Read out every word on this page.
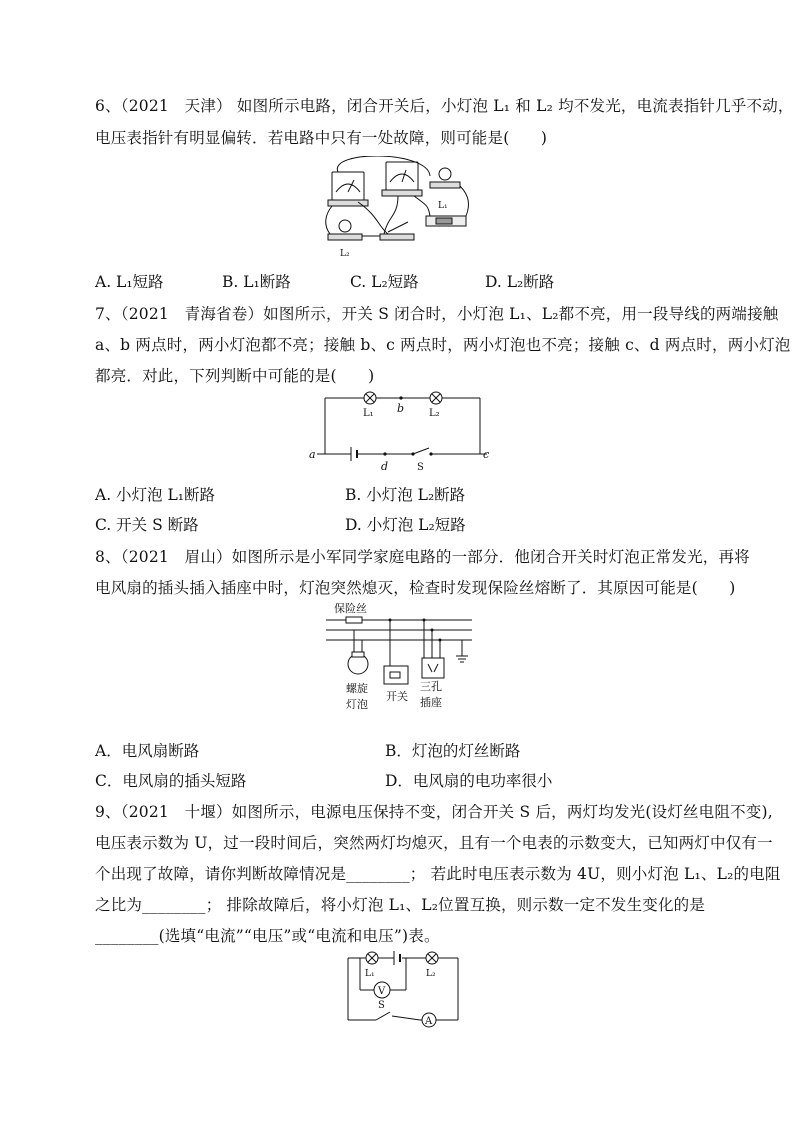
6、（2021　天津） 如图所示电路，闭合开关后，小灯泡 L₁ 和 L₂ 均不发光，电流表指针几乎不动，
电压表指针有明显偏转．若电路中只有一处故障，则可能是(　　)
L₁
L₂
A. L₁短路	B. L₁断路	C. L₂短路	D. L₂断路
7、（2021　青海省卷）如图所示，开关 S 闭合时，小灯泡 L₁、L₂都不亮，用一段导线的两端接触
a、b 两点时，两小灯泡都不亮；接触 b、c 两点时，两小灯泡也不亮；接触 c、d 两点时，两小灯泡
都亮．对此，下列判断中可能的是(　　)
L₁ b L₂
a
d	S
c
A. 小灯泡 L₁断路	B. 小灯泡 L₂断路
C. 开关 S 断路	D. 小灯泡 L₂短路
8、（2021　眉山）如图所示是小军同学家庭电路的一部分．他闭合开关时灯泡正常发光，再将
电风扇的插头插入插座中时，灯泡突然熄灭，检查时发现保险丝熔断了．其原因可能是(　　)
保险丝
螺旋
灯泡
开关
三孔
插座
A．电风扇断路	B．灯泡的灯丝断路
C．电风扇的插头短路	D．电风扇的电功率很小
9、（2021　十堰）如图所示，电源电压保持不变，闭合开关 S 后，两灯均发光(设灯丝电阻不变),
电压表示数为 U，过一段时间后，突然两灯均熄灭，且有一个电表的示数变大，已知两灯中仅有一
个出现了故障，请你判断故障情况是________； 若此时电压表示数为 4U，则小灯泡 L₁、L₂的电阻
之比为________； 排除故障后，将小灯泡 L₁、L₂位置互换，则示数一定不发生变化的是
________(选填“电流”“电压”或“电流和电压”)表。
L₁	L₂
V
A
S
